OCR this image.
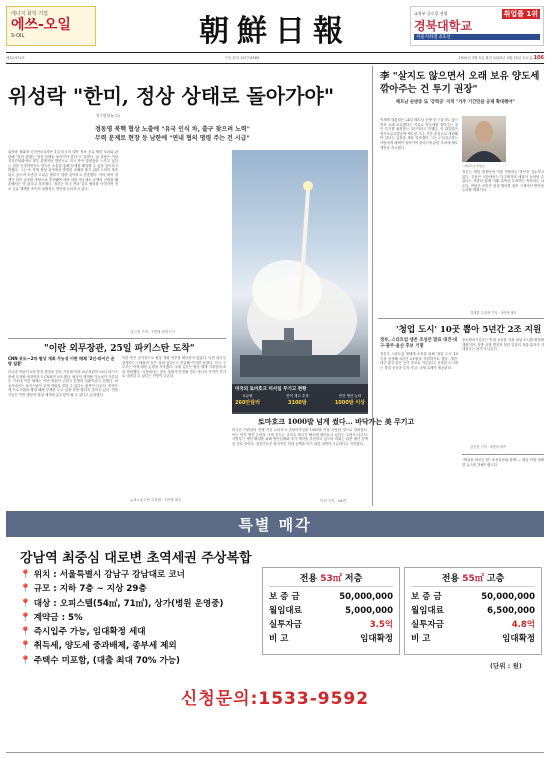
에너지 화학 기업
에쓰-오일
S-OIL	朝鮮日報
교육부 글로컬 선정	취업률 1위
경북대학교
서울지하철 4호선
제32,974호	구독 문의 1577-8585	1920년 3월 5일 창간 2025년 4월 25일 토요일 106
위성락 "한미, 정상 상태로 돌아가야"
홍 (연합뉴스)
정동영 북핵 협상 노출에 "유국 인식 차, 출구 찾으려 노력"
무력 문제로 현장 등 남한에 "연내 협의 명령 주는 건 시급"

위성락 청와대 국가안보실장은 1일 미국의 대북 정보 공유 제한 조치와 관련해 "한미 관계는 정상 상태로 돌아가야 한다"고 말했다. 위 실장은 이날 기자간담회에서 정부 관계자의 발언으로 미국 측이 불편함을 느끼고 있다는 점을 인정하면서도 양국은 소통을 통해 문제를 해결할 수 있을 것이라고 밝혔다. 그는 또 북핵 협상 과정에서 발생한 오해를 풀기 위한 노력이 계속되고 있으며 조만간 고위급 협의가 열릴 것이라고 전망했다. 이어 대북 정책은 한미 공조를 바탕으로 추진돼야 하며 어떤 경우에도 동맹의 신뢰를 훼손해서는 안 된다고 강조했다. 정부는 미국 측과 실무 협의를 이어가며 정보 공유 체계를 조속히 복원하는 방안을 논의하고 있다.

김시정 기자 · 7면에 관련기사
미국의 토마호크 미사일 무기고 현황
보유량
260만달러
잔여 재고 추정
3100발
연간 생산 능력
1000발 이상
"이란 외무장관, 25일 파키스탄 도착"
CNN 보도—2차 협상 개최 가능성 이란 매체 '2인-라이슨 순방 일환'

미국과 이란이 2차 종전 협상을 앞둔 가운데 이란 외무장관이 25일 파키스탄에 도착할 예정이라고 CNN이 보도했다. 협상이 재개될 가능성이 거론되는 가운데 이란 매체는 이번 방문이 주변국 순방의 일환이라고 전했다. 외교가에서는 파키스탄이 중재 역할을 맡을 수 있다는 관측이 나온다. 양측은 핵 프로그램과 제재 해제 문제를 두고 입장 차를 좁히지 못하고 있다. 전문가들은 이번 방문이 협상 재개의 분수령이 될 수 있다고 분석했다.

이란 측은 공식적으로 협상 개최 여부를 확인하지 않았다. 다만 외무부 관계자는 \"대화의 문은 열려 있다\"고 언급해 여지를 남겼다. 미국 국무부는 이에 대한 논평을 거부했다. 국제 유가는 협상 재개 기대감에 소폭 하락했다. 시장에서는 중동 정세가 안정될 경우 에너지 가격이 추가로 내려갈 수 있다는 전망이 나온다.

뉴욕=윤주헌 특파원 · 7면에 계속
토마호크 1000발 넘게 썼다… 바닥가는 美 무기고

미국은 이란과의 전쟁 기간 토마호크 순항미사일을 1000발 이상 사용한 것으로 알려졌다. 이는 연간 생산 능력을 크게 웃도는 규모로 재고가 빠르게 줄어들고 있다는 우려가 나온다. 국방부는 생산 확대를 위해 방산업체와 추가 계약을 추진하고 있으며 의회는 관련 예산 증액을 검토 중이다. 전문가들은 장기적인 전력 공백을 막기 위한 대책이 시급하다고 지적했다.

이현 기자 · A6면
李 "살지도 않으면서 오래 보유 양도세 깎아주는 건 투기 권장"
페트남 순방중 또 '강력공' 지적 "거주 기간만큼 공제 확대해야"
그래픽=조선일보

이재명 대통령은 24일 베트남 순방 중 \"살지도 않으면서 오래 보유했다는 이유로 양도세를 깎아주는 것은 투기를 권장하는 것\"이라고 말했다. 이 대통령은 장기보유특별공제 제도를 거주 기간 중심으로 개편해야 한다는 입장을 재차 강조했다. 그는 \"실거주하는 사람에게 혜택이 돌아가야 한다\"며 관련 부처에 제도 개선을 지시했다.

정부는 세법 개정안에 이를 반영하는 방안을 검토하고 있다. 부동산 시장에서는 다주택자의 매물이 늘어날 수 있다는 전망과 함께 거래 위축을 우려하는 목소리도 나온다. 여당은 조만간 당정 협의를 열어 구체적인 방안을 논의할 계획이다.

김태훈·주희연 기자 · 3면에 계속
'청업 도시' 10곳 뽑아 5년간 2조 지원
정부, 스타트업 생존 조성안 발표 대전·대구·광주·울산 후보 거명

정부가 스타트업 생태계 조성을 위해 '창업 도시' 10곳을 선정해 5년간 2조원을 지원하기로 했다. 대전·대구·광주·울산 등이 후보로 거론된다. 선정된 도시에는 창업 공간과 투자 자금, 규제 특례가 제공된다.

중소벤처기업부는 연내 공모를 거쳐 대상 도시를 확정할 계획이다. 지방 균형 발전과 청년 일자리 창출 효과가 기대된다는 평가가 나온다.

김승한 기자 · 5면에 계속

"세상을 바꾸는 힘" 조선일보와 함께 — 매일 아침 정확한 뉴스를 전해드립니다.

특별 매각
강남역 최중심 대로변 초역세권 주상복합
📍 위치 : 서울특별시 강남구 강남대로 코너
📍 규모 : 지하 7층 ~ 지상 29층
📍 대상 : 오피스텔(54㎡, 71㎡), 상가(병원 운영중)
📍 계약금 : 5%
📍 즉시입주 가능, 임대확정 세대
📍 취득세, 양도세 중과배제, 종부세 제외
📍 주택수 미포함, (대출 최대 70% 가능)
전용 53㎡ 저층
보 증 금	50,000,000
월임대료	5,000,000
실투자금	3.5억
비 고	임대확정
전용 55㎡ 고층
보 증 금	50,000,000
월임대료	6,500,000
실투자금	4.8억
비 고	임대확정
(단위 : 원)
신청문의:1533-9592
